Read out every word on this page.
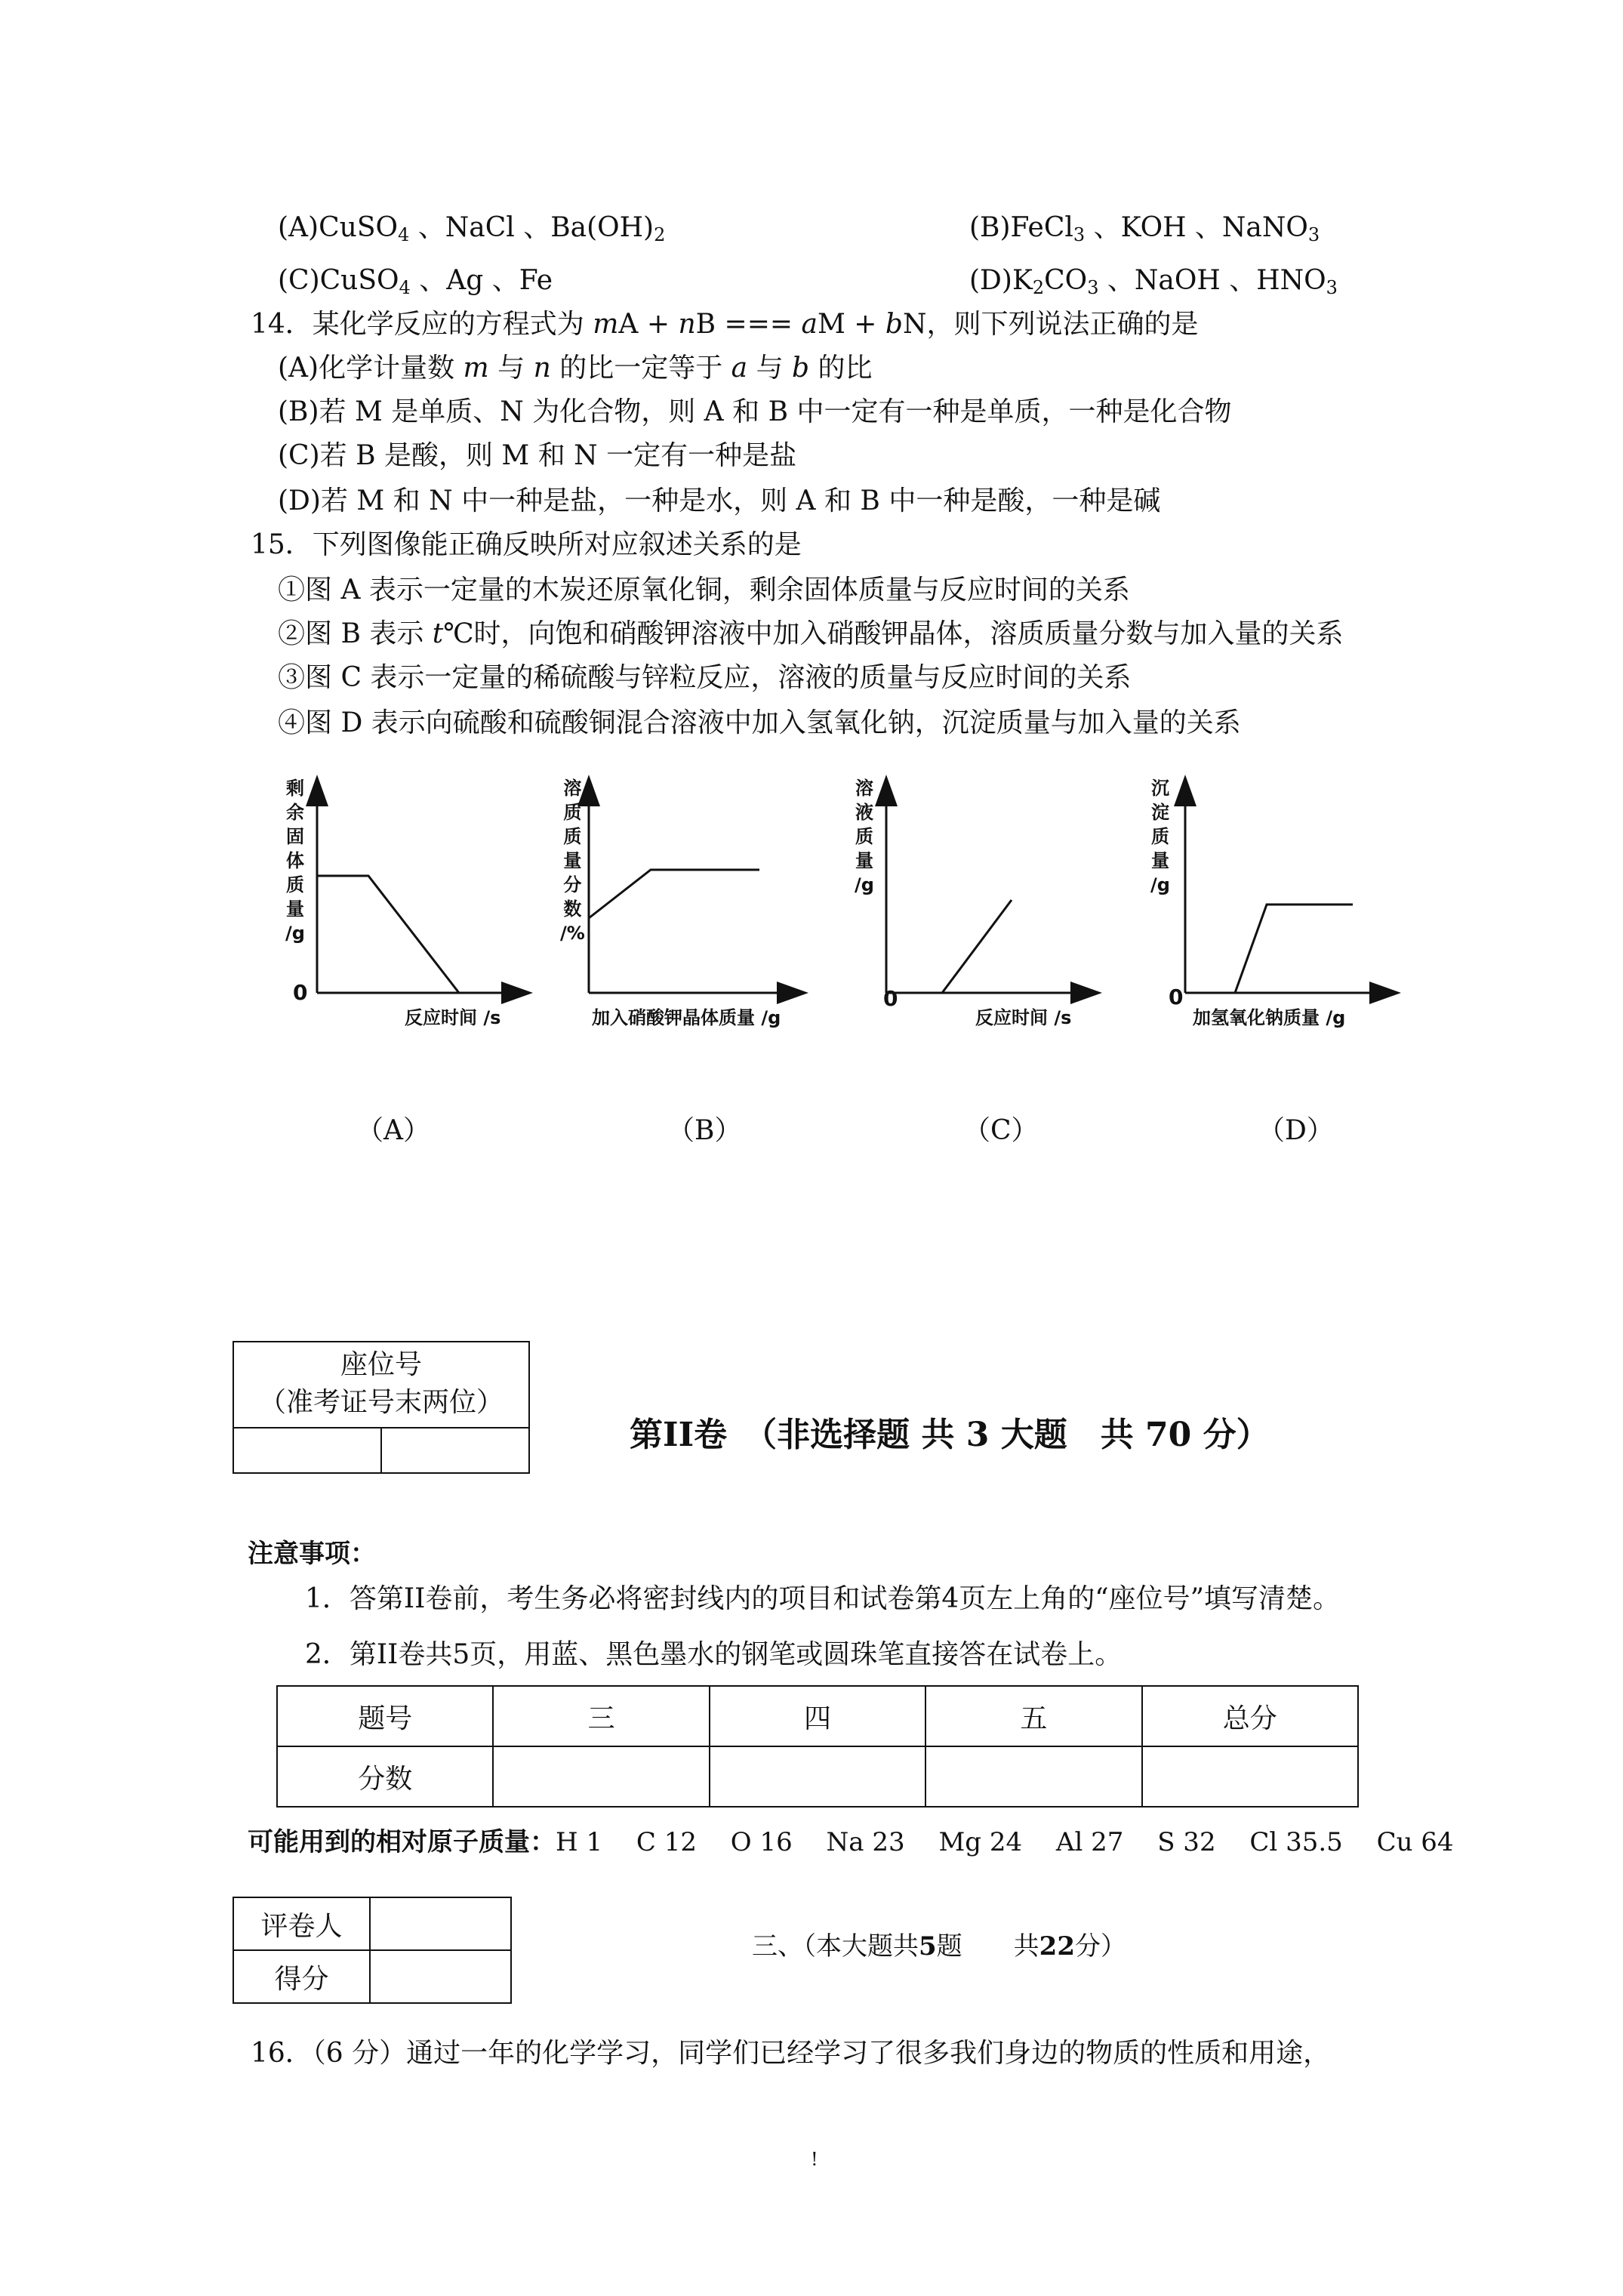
(A)CuSO$_4$ 、NaCl 、$Ba(OH)_2$	(B)FeCl$_3$ 、KOH 、NaNO$_3$
(C)CuSO$_4$ 、Ag 、Fe	$(D)K_2CO_3$ 、NaOH 、$HNO_3$
14．某化学反应的方程式为 mA + nB === aM + bN，则下列说法正确的是
(A)化学计量数 m 与 n 的比一定等于 a 与 b 的比
(B)若 M 是单质、N 为化合物，则 A 和 B 中一定有一种是单质，一种是化合物
(C)若 B 是酸，则 M 和 N 一定有一种是盐
(D)若 M 和 N 中一种是盐，一种是水，则 A 和 B 中一种是酸，一种是碱
15．下列图像能正确反映所对应叙述关系的是
①图 A 表示一定量的木炭还原氧化铜，剩余固体质量与反应时间的关系
②图 B 表示 t℃时，向饱和硝酸钾溶液中加入硝酸钾晶体，溶质质量分数与加入量的关系
③图 C 表示一定量的稀硫酸与锌粒反应，溶液的质量与反应时间的关系
④图 D 表示向硫酸和硫酸铜混合溶液中加入氢氧化钠，沉淀质量与加入量的关系
剩
余
固
体
质
量
∕g
0
反应时间 ∕s
（A）
溶
质
质
量
分
数
∕%
加入硝酸钾晶体质量 ∕g
（B）
溶
液
质
量
∕g
0
反应时间 ∕s
（C）
沉
淀
质
量
∕g
0
加氢氧化钠质量 ∕g
（D）
座位号
（准考证号末两位）
第II卷　（非选择题 共 3 大题　共 70 分）
注意事项：
1．答第II卷前，考生务必将密封线内的项目和试卷第4页左上角的“座位号”填写清楚。
2．第II卷共5页，用蓝、黑色墨水的钢笔或圆珠笔直接答在试卷上。
题号	三	四	五	总分
分数				
可能用到的相对原子质量：H 1　 C 12　 O 16　 Na 23　 Mg 24　 Al 27　 S 32　 Cl 35.5　 Cu 64
评卷人	
得分	
三、（本大题共5题　　共22分）
16．（6 分）通过一年的化学学习，同学们已经学习了很多我们身边的物质的性质和用途，
!
